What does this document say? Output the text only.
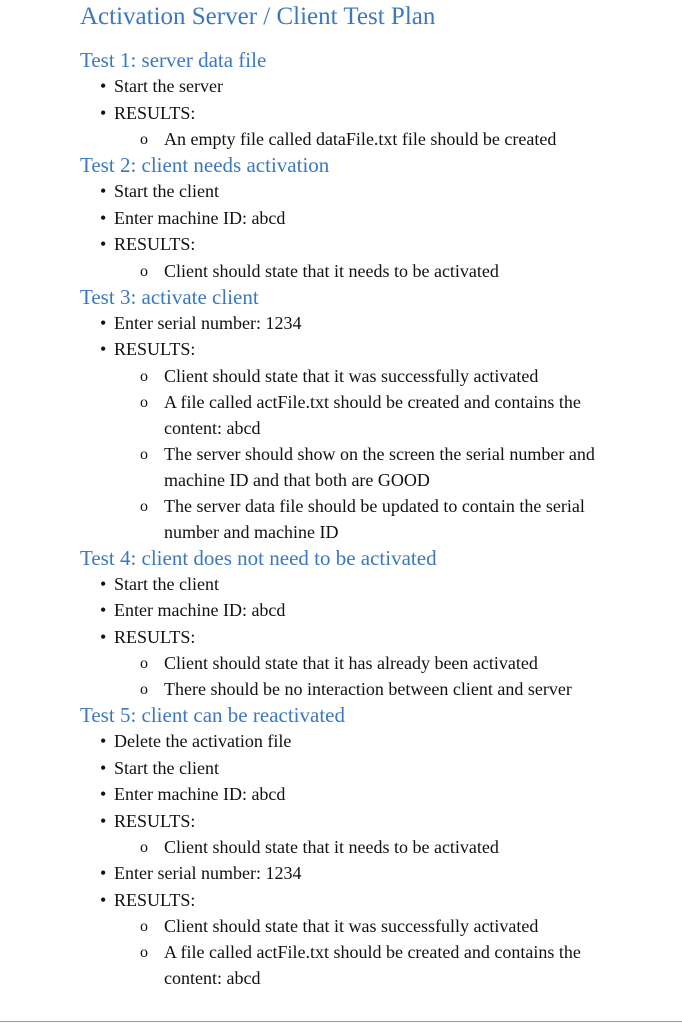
Activation Server / Client Test Plan
Test 1: server data file
• Start the server
• RESULTS:
o An empty file called dataFile.txt file should be created
Test 2: client needs activation
• Start the client
• Enter machine ID: abcd
• RESULTS:
o Client should state that it needs to be activated
Test 3: activate client
• Enter serial number: 1234
• RESULTS:
o Client should state that it was successfully activated
o A file called actFile.txt should be created and contains the content: abcd
o The server should show on the screen the serial number and machine ID and that both are GOOD
o The server data file should be updated to contain the serial number and machine ID
Test 4: client does not need to be activated
• Start the client
• Enter machine ID: abcd
• RESULTS:
o Client should state that it has already been activated
o There should be no interaction between client and server
Test 5: client can be reactivated
• Delete the activation file
• Start the client
• Enter machine ID: abcd
• RESULTS:
o Client should state that it needs to be activated
• Enter serial number: 1234
• RESULTS:
o Client should state that it was successfully activated
o A file called actFile.txt should be created and contains the content: abcd
